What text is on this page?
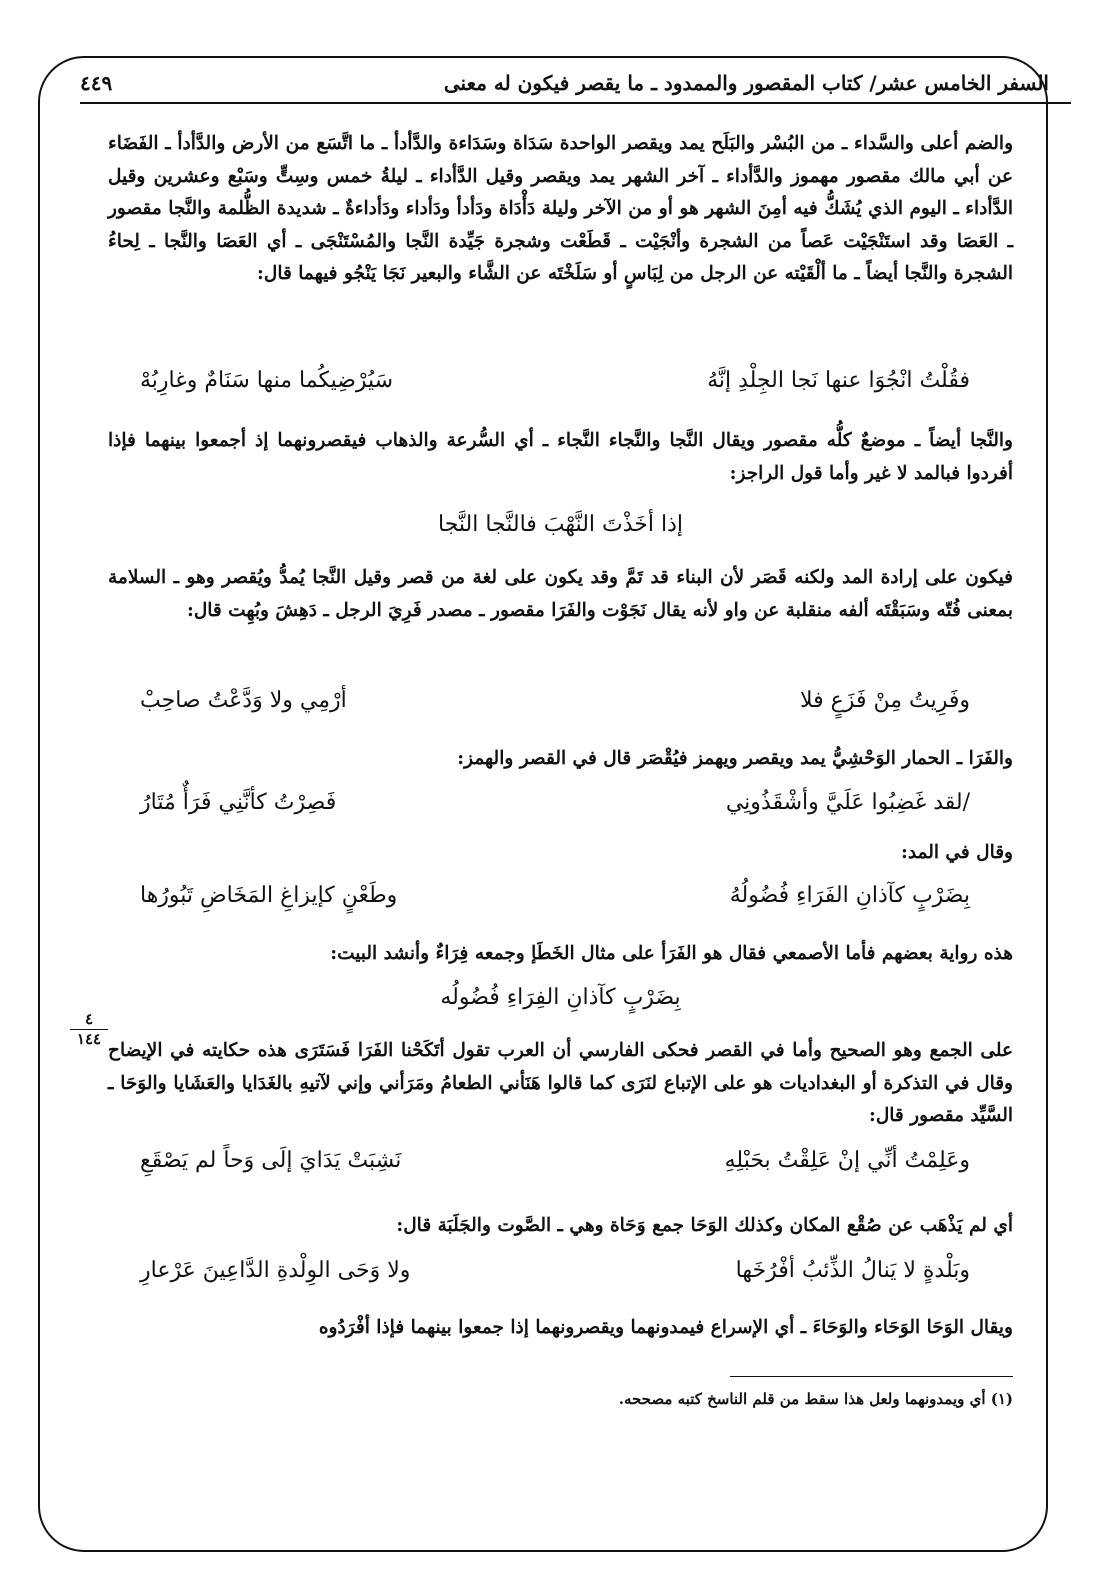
السفر الخامس عشر/ كتاب المقصور والممدود ـ ما يقصر فيكون له معنى
٤٤٩

والضم أعلى والسَّداء ـ من البُسْر والبَلَح يمد ويقصر الواحدة سَدَاة وسَدَاءة والدَّأدأ ـ ما اتَّسَع من الأرض والدَّأدأ ـ الفَضَاء عن أبي مالك مقصور مهموز والدَّأداء ـ آخر الشهر يمد ويقصر وقيل الدَّأداء ـ ليلةُ خمس وسِتٍّ وسَبْع وعشرين وقيل الدَّأداء ـ اليوم الذي يُشَكُّ فيه أمِنَ الشهر هو أو من الآخر وليلة دَأْدَاة ودَأدأ ودَأداء ودَأداءةٌ ـ شديدة الظُّلمة والنَّجا مقصور ـ العَصَا وقد استَنْجَيْت عَصاً من الشجرة وأنْجَيْت ـ قَطَعْت وشجرة جَيِّدة النَّجا والمُسْتَنْجَى ـ أي العَصَا والنَّجا ـ لِحاءُ الشجرة والنَّجا أيضاً ـ ما ألْقَيْته عن الرجل من لِبَاسٍ أو سَلَخْتَه عن الشَّاء والبعير نَجَا يَنْجُو فيهما قال:

فقُلْتُ انْجُوَا عنها نَجا الجِلْدِ إنَّهُ
سَيُرْضِيكُما منها سَنَامٌ وغارِبُهْ

والنَّجا أيضاً ـ موضعٌ كلُّه مقصور ويقال النَّجا والنَّجاء النَّجاء ـ أي السُّرعة والذهاب فيقصرونهما إذ أجمعوا بينهما فإذا أفردوا فبالمد لا غير وأما قول الراجز:

إذا أخَذْتَ النَّهْبَ فالنَّجا النَّجا

فيكون على إرادة المد ولكنه قَصَر لأن البناء قد تَمَّ وقد يكون على لغة من قصر وقيل النَّجا يُمدُّ ويُقصر وهو ـ السلامة بمعنى فُتّه وسَبَقْتَه ألفه منقلبة عن واو لأنه يقال نَجَوْت والفَرَا مقصور ـ مصدر فَرِيَ الرجل ـ دَهِشَ وبُهِت قال:

وفَرِيتُ مِنْ فَزَعٍ فلا
أرْمِي ولا وَدَّعْتُ صاحِبْ

والفَرَا ـ الحمار الوَحْشِيُّ يمد ويقصر ويهمز فيُقْصَر قال في القصر والهمز:

/لقد غَضِبُوا عَلَيَّ وأشْقَذُونِي
فَصِرْتُ كأنَّنِي فَرَأٌ مُتَارُ
٤
١٤٤

وقال في المد:

بِضَرْبٍ كآذانِ الفَرَاءِ فُضُولُهُ
وطَعْنٍ كإيزاغِ المَخَاضِ تَبُورُها

هذه رواية بعضهم فأما الأصمعي فقال هو الفَرَأ على مثال الخَطَإ وجمعه فِرَاءٌ وأنشد البيت:

بِضَرْبٍ كآذانِ الفِرَاءِ فُضُولُه

على الجمع وهو الصحيح وأما في القصر فحكى الفارسي أن العرب تقول أتَكَحْنا الفَرَا فَسَتَرَى هذه حكايته في الإيضاح وقال في التذكرة أو البغداديات هو على الإتباع لنَرَى كما قالوا هَنَأني الطعامُ ومَرَأني وإني لآتيهِ بالغَدَايا والعَشَايا والوَحَا ـ السَّيِّد مقصور قال:

وعَلِمْتُ أنِّي إنْ عَلِقْتُ بحَبْلِهِ
نَشِبَتْ يَدَايَ إلَى وَحاً لم يَصْقَعِ

أي لم يَذْهَب عن صُقْع المكان وكذلك الوَحَا جمع وَحَاة وهي ـ الصَّوت والجَلَبَة قال:

وبَلْدةٍ لا يَنالُ الذِّئبُ أفْرُخَها
ولا وَحَى الوِلْدةِ الدَّاعِينَ عَرْعارِ

ويقال الوَحَا الوَحَاء والوَحَاءَ ـ أي الإسراع فيمدونهما ويقصرونهما إذا جمعوا بينهما فإذا أفْرَدُوه

(١) أي ويمدونهما ولعل هذا سقط من قلم الناسخ كتبه مصححه.
